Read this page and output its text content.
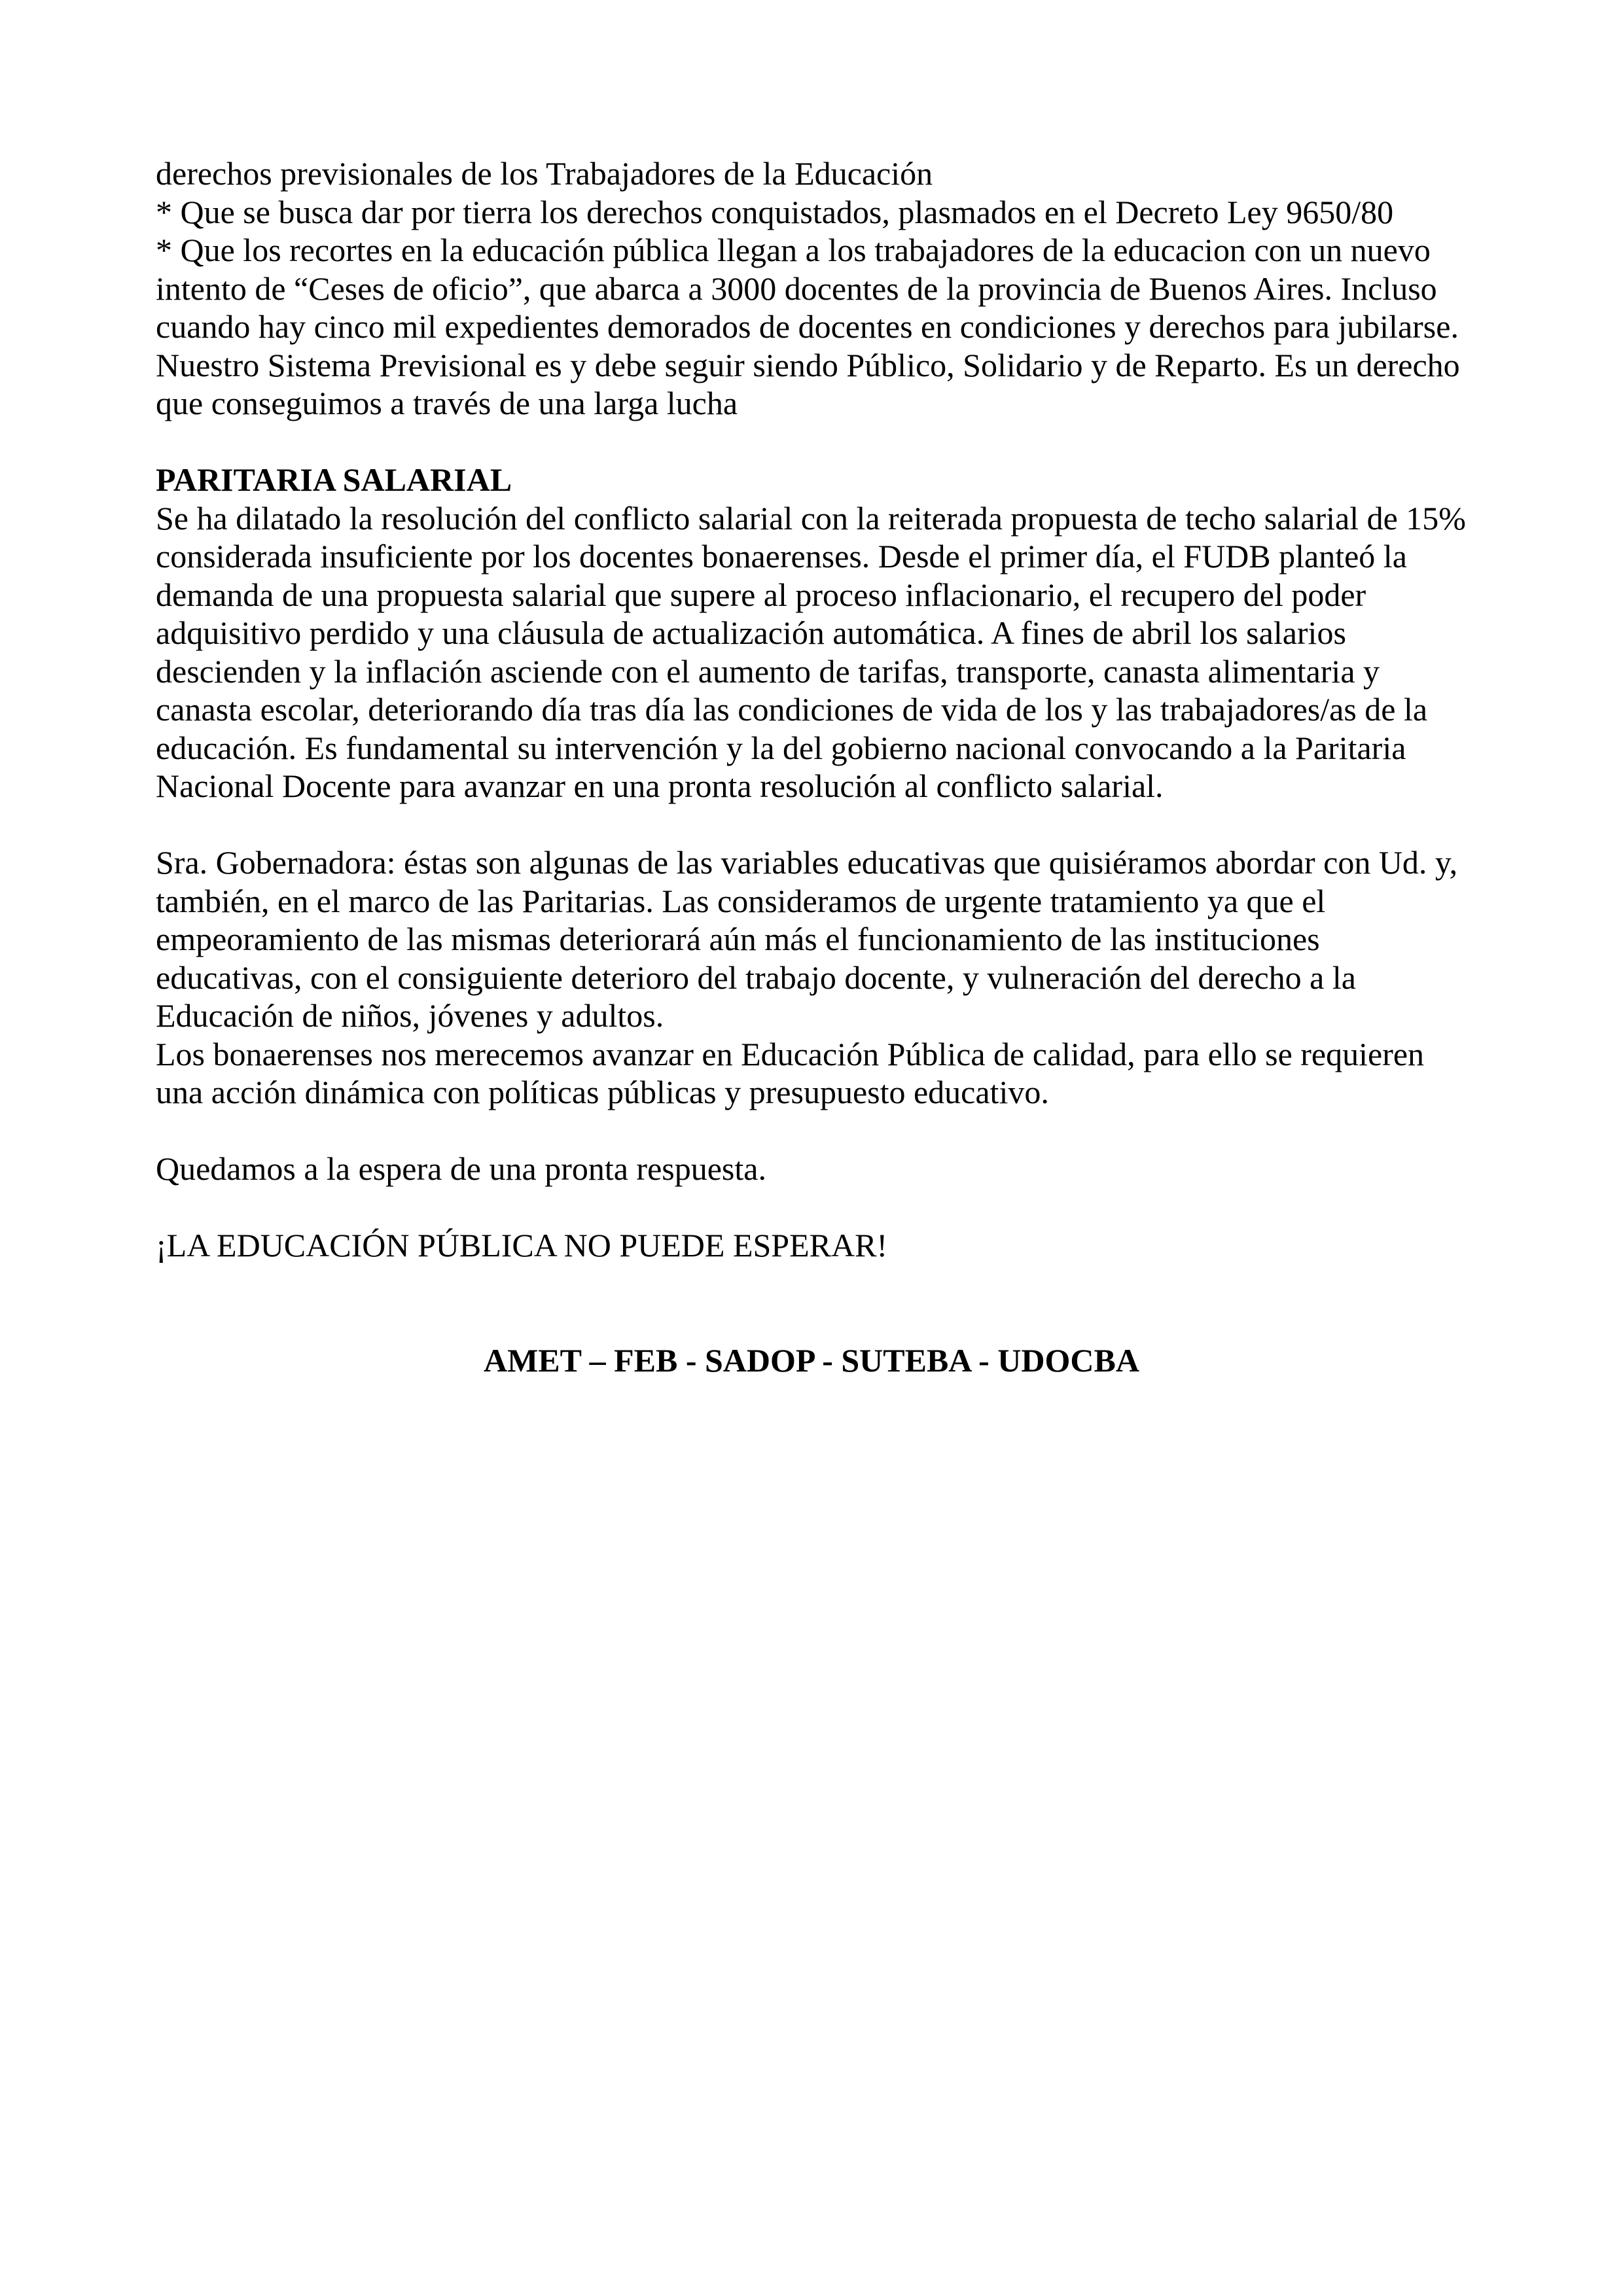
derechos previsionales de los Trabajadores de la Educación
* Que se busca dar por tierra los derechos conquistados, plasmados en el Decreto Ley 9650/80
* Que los recortes en la educación pública llegan a los trabajadores de la educacion con un nuevo
intento de “Ceses de oficio”, que abarca a 3000 docentes de la provincia de Buenos Aires. Incluso
cuando hay cinco mil expedientes demorados de docentes en condiciones y derechos para jubilarse.
Nuestro Sistema Previsional es y debe seguir siendo Público, Solidario y de Reparto. Es un derecho
que conseguimos a través de una larga lucha

PARITARIA SALARIAL
Se ha dilatado la resolución del conflicto salarial con la reiterada propuesta de techo salarial de 15%
considerada insuficiente por los docentes bonaerenses. Desde el primer día, el FUDB planteó la
demanda de una propuesta salarial que supere al proceso inflacionario, el recupero del poder
adquisitivo perdido y una cláusula de actualización automática. A fines de abril los salarios
descienden y la inflación asciende con el aumento de tarifas, transporte, canasta alimentaria y
canasta escolar, deteriorando día tras día las condiciones de vida de los y las trabajadores/as de la
educación. Es fundamental su intervención y la del gobierno nacional convocando a la Paritaria
Nacional Docente para avanzar en una pronta resolución al conflicto salarial.

Sra. Gobernadora: éstas son algunas de las variables educativas que quisiéramos abordar con Ud. y,
también, en el marco de las Paritarias. Las consideramos de urgente tratamiento ya que el
empeoramiento de las mismas deteriorará aún más el funcionamiento de las instituciones
educativas, con el consiguiente deterioro del trabajo docente, y vulneración del derecho a la
Educación de niños, jóvenes y adultos.
Los bonaerenses nos merecemos avanzar en Educación Pública de calidad, para ello se requieren
una acción dinámica con políticas públicas y presupuesto educativo.

Quedamos a la espera de una pronta respuesta.

¡LA EDUCACIÓN PÚBLICA NO PUEDE ESPERAR!

AMET – FEB - SADOP - SUTEBA - UDOCBA
